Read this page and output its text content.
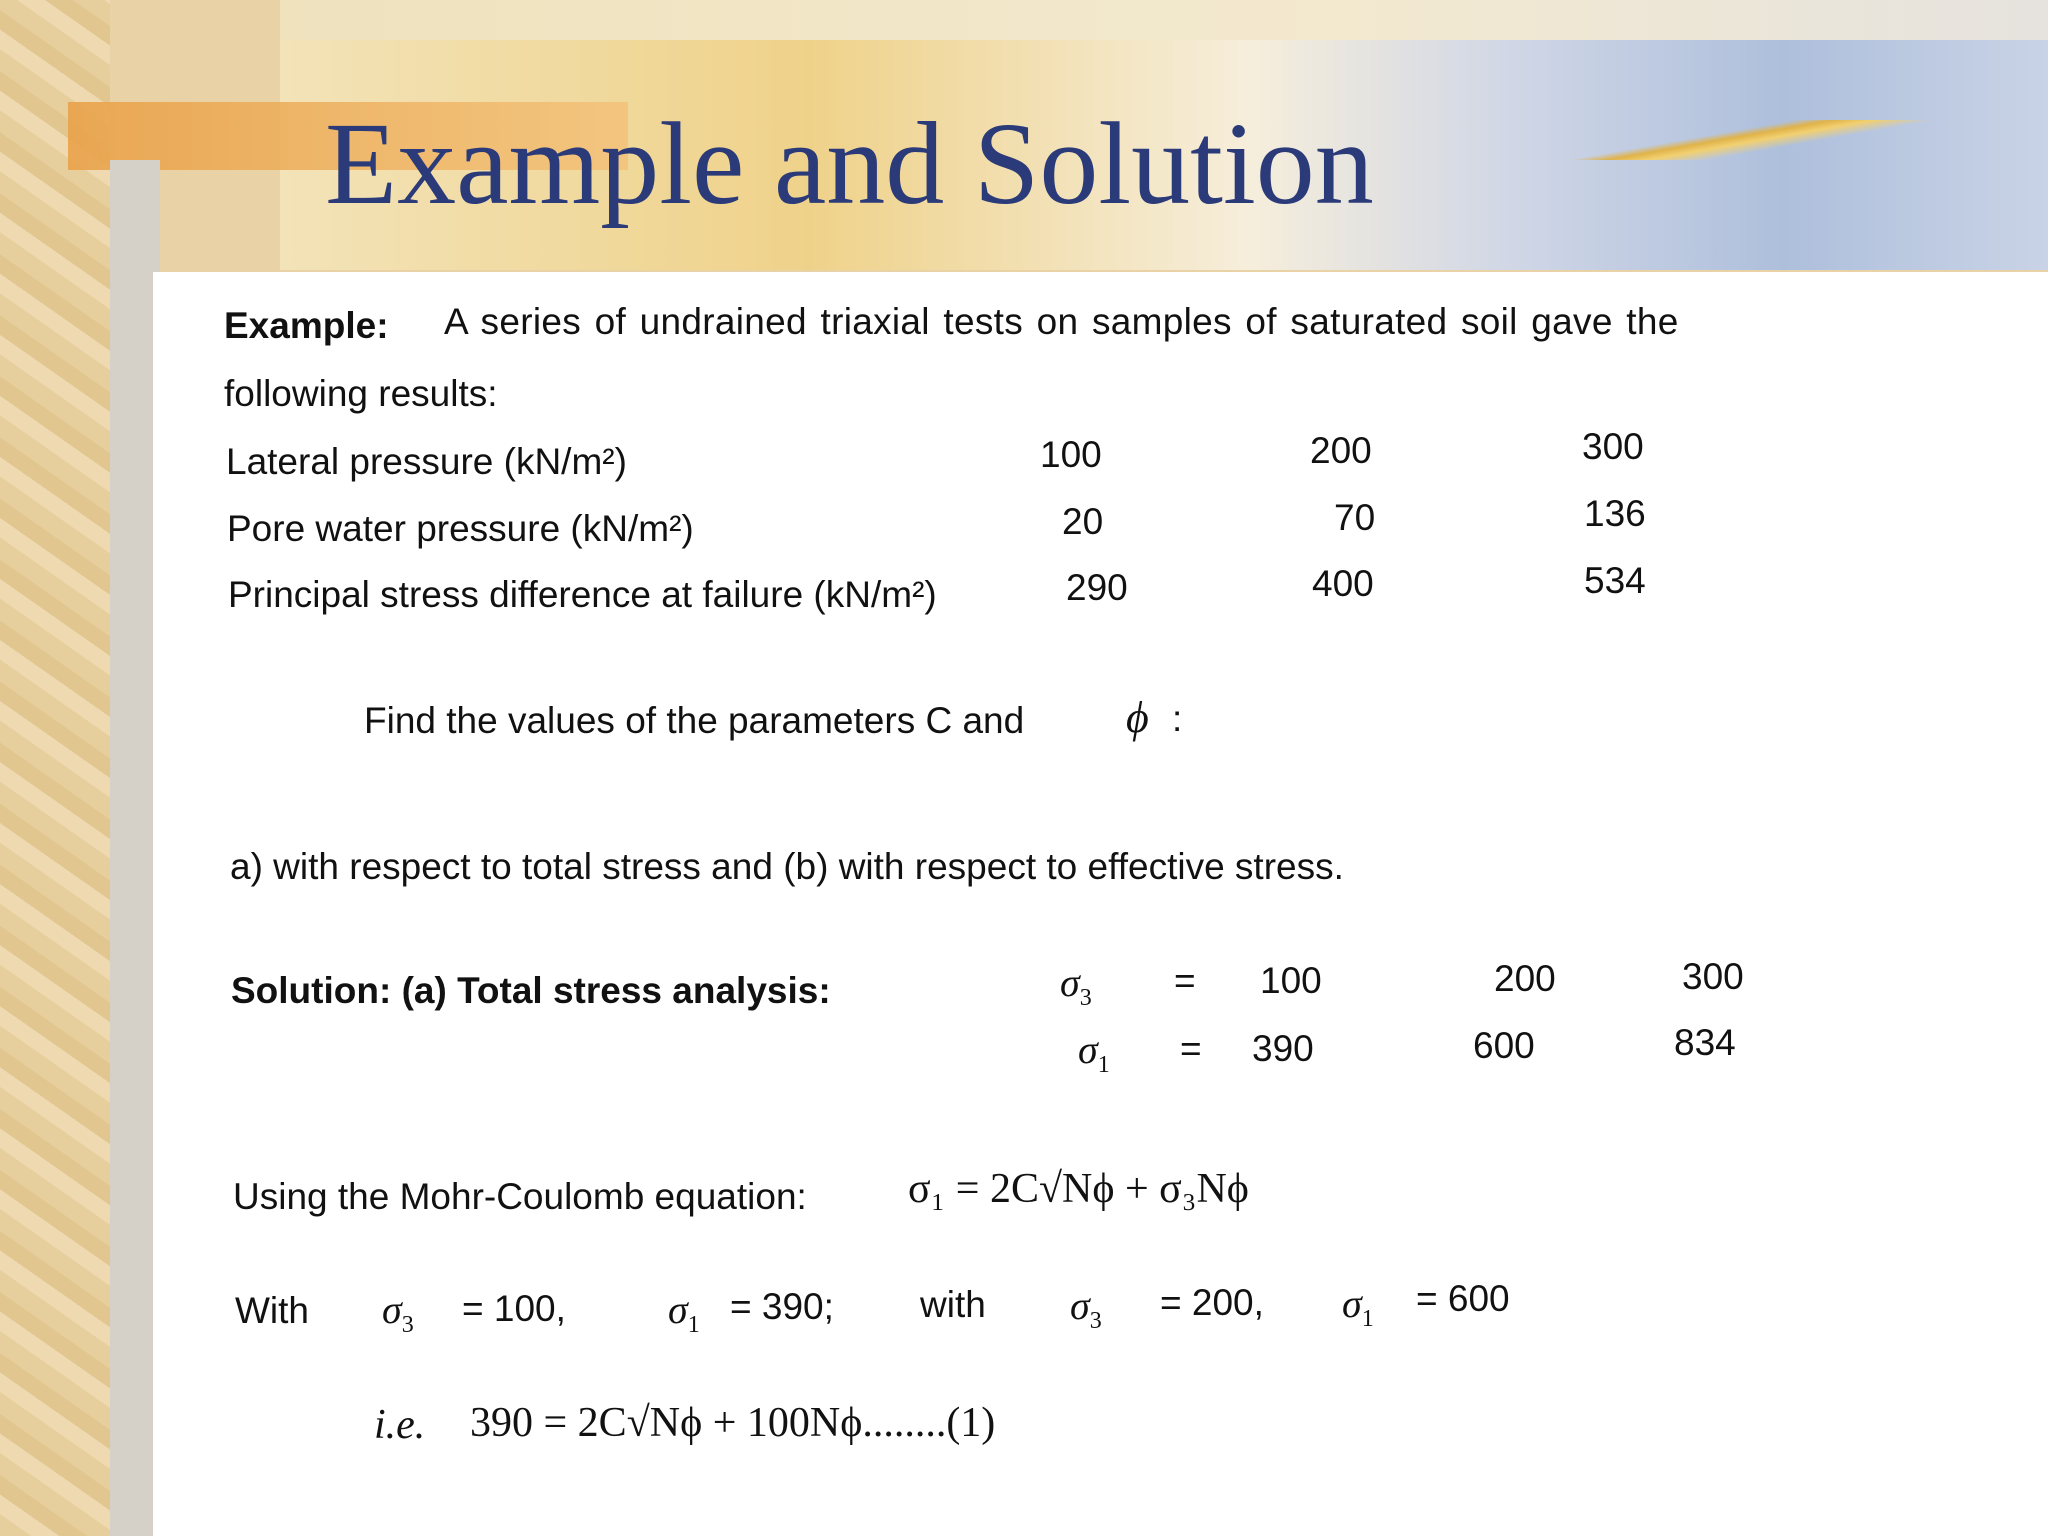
Example and Solution
Example: A series of undrained triaxial tests on samples of saturated soil gave the
following results:
Lateral pressure (kN/m²)	100	200	300
Pore water pressure (kN/m²)	20	70	136
Principal stress difference at failure (kN/m²)	290	400	534
Find the values of the parameters C and ϕ :
a) with respect to total stress and (b) with respect to effective stress.
Solution: (a) Total stress analysis:	$\sigma_3 = 100$	200	300
$\sigma_1 = 390$	600	834
Using the Mohr-Coulomb equation: σ₁ = 2C√Nϕ + σ₃Nϕ
With $\sigma_3 = 100$,	$\sigma_1 = 390$; with $\sigma_3 = 200$, $\sigma_1 = 600$
i.e. 390 = 2C√Nϕ + 100Nϕ........(1)
